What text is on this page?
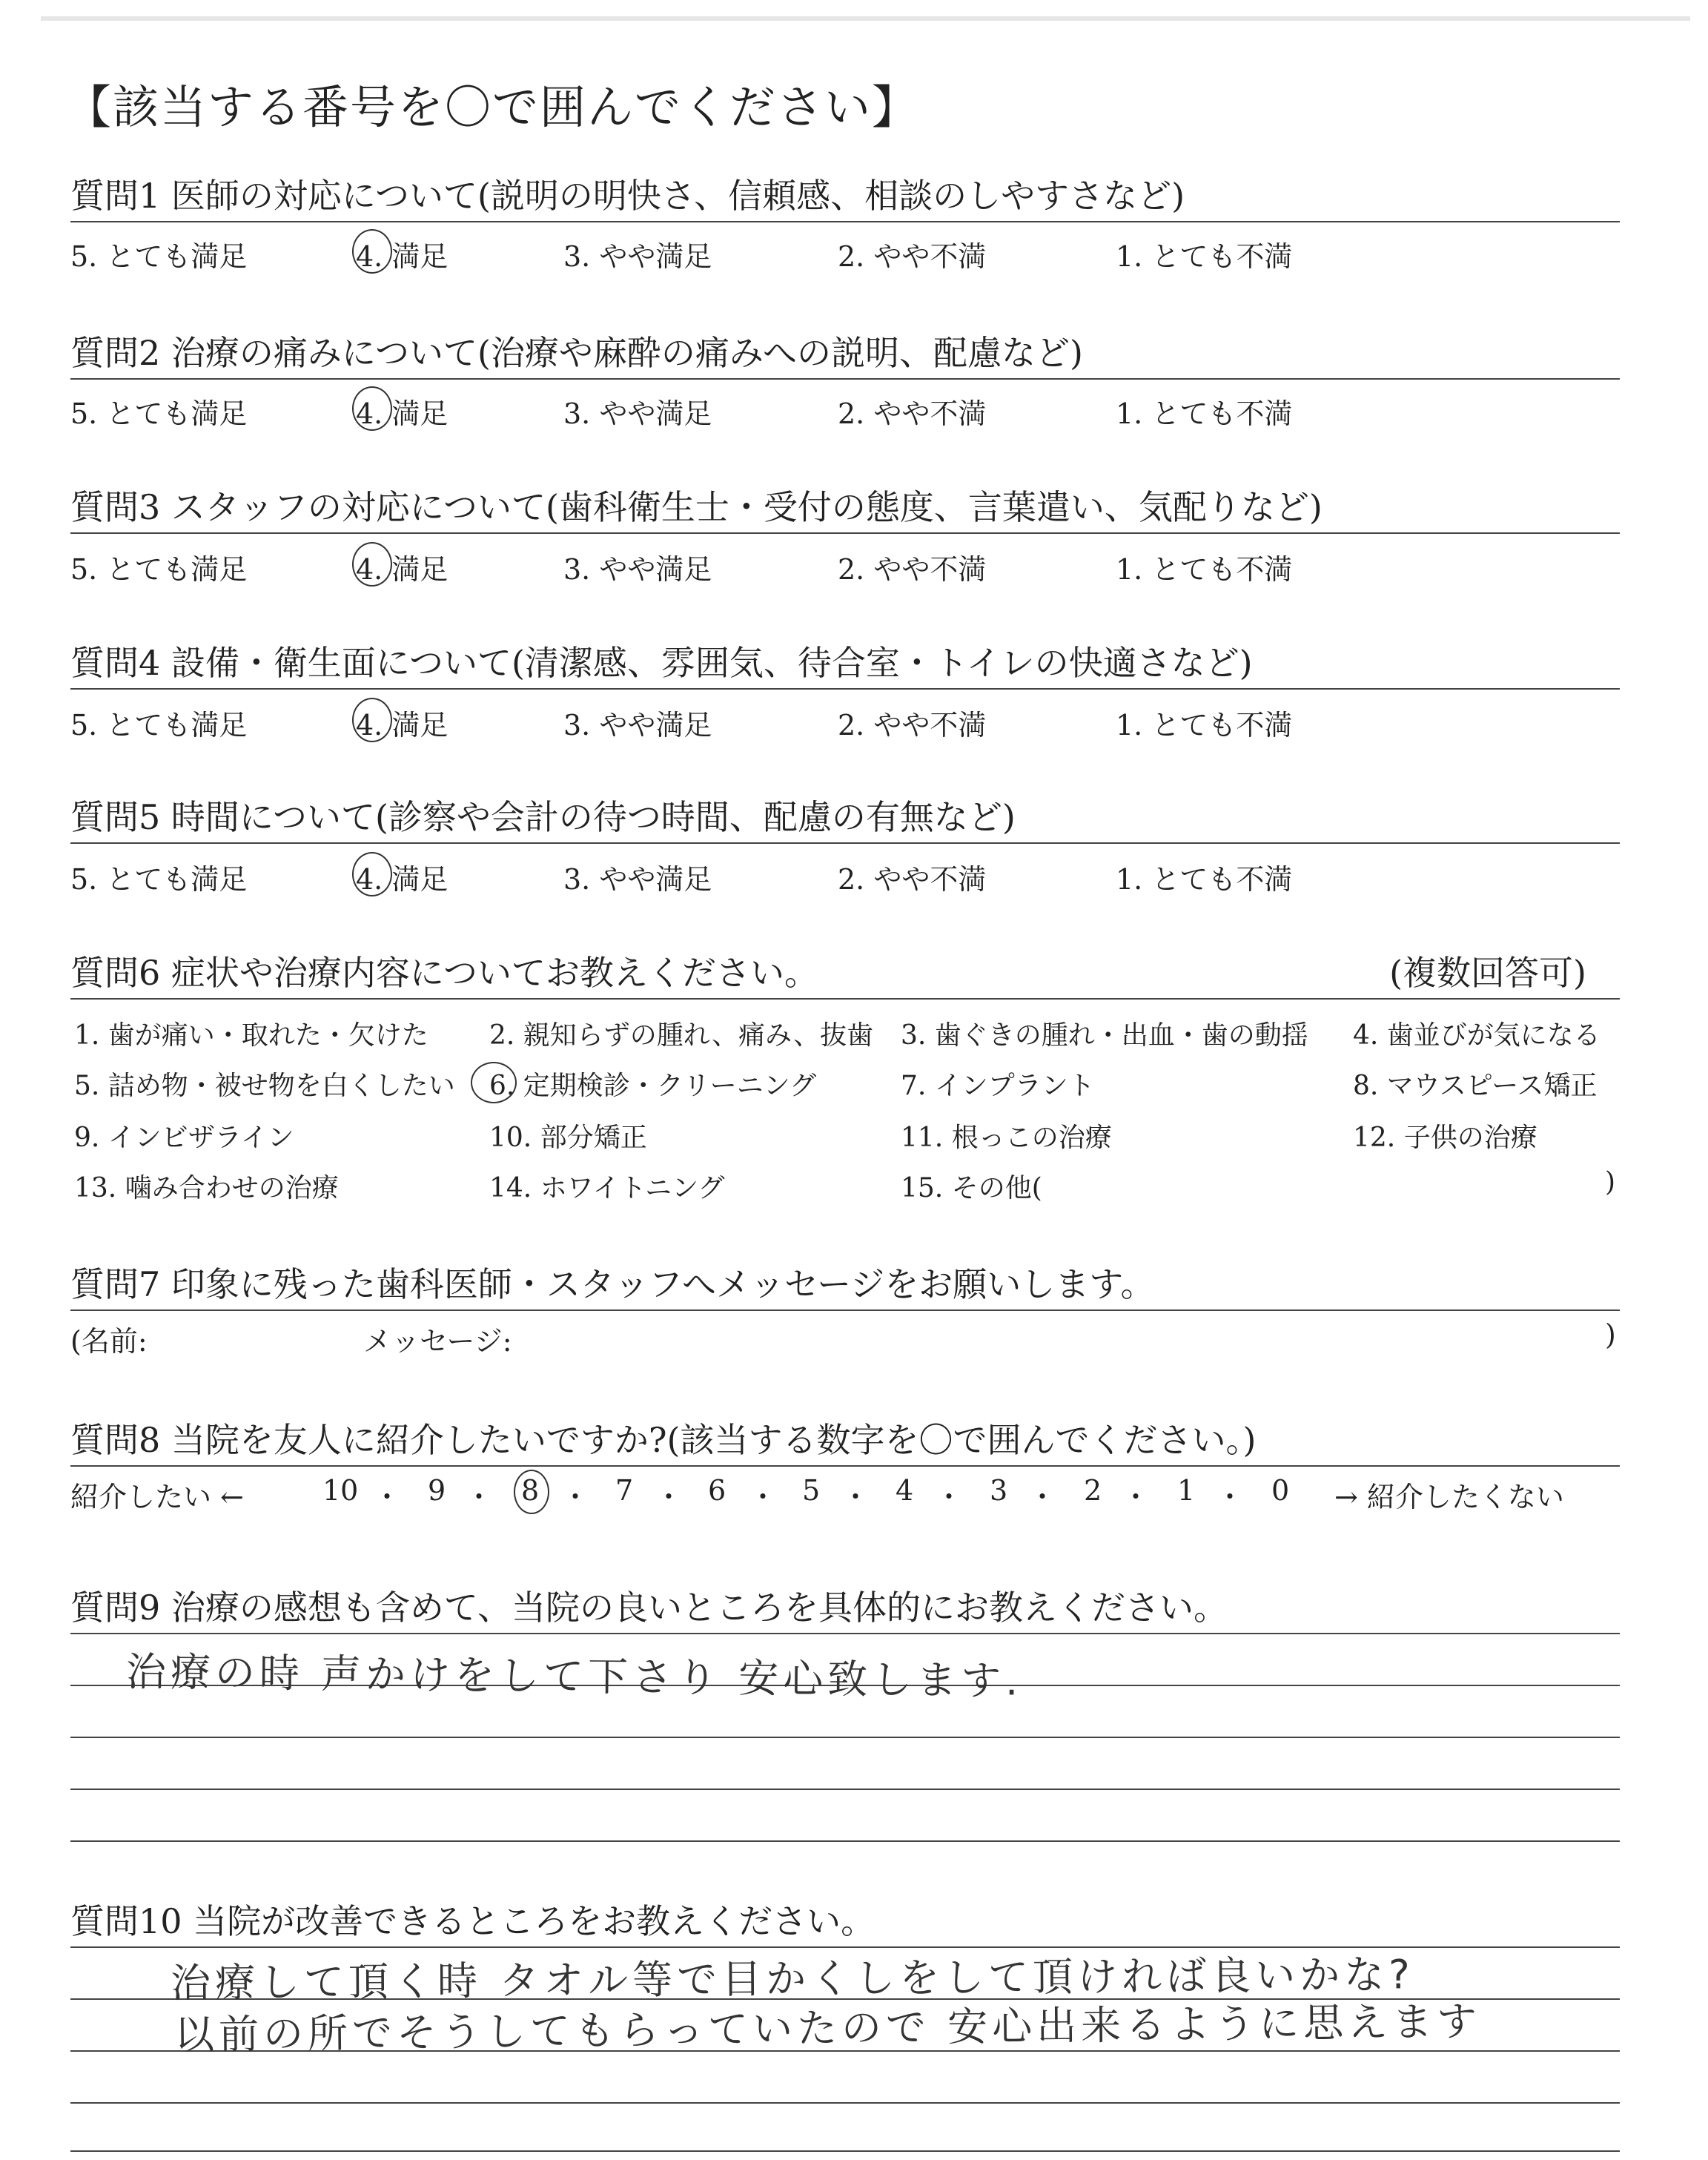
【該当する番号を〇で囲んでください】
質問1 医師の対応について(説明の明快さ、信頼感、相談のしやすさなど)
5. とても満足	4. 満足	3. やや満足	2. やや不満	1. とても不満
質問2 治療の痛みについて(治療や麻酔の痛みへの説明、配慮など)
5. とても満足	4. 満足	3. やや満足	2. やや不満	1. とても不満
質問3 スタッフの対応について(歯科衛生士・受付の態度、言葉遣い、気配りなど)
5. とても満足	4. 満足	3. やや満足	2. やや不満	1. とても不満
質問4 設備・衛生面について(清潔感、雰囲気、待合室・トイレの快適さなど)
5. とても満足	4. 満足	3. やや満足	2. やや不満	1. とても不満
質問5 時間について(診察や会計の待つ時間、配慮の有無など)
5. とても満足	4. 満足	3. やや満足	2. やや不満	1. とても不満
質問6 症状や治療内容についてお教えください。	(複数回答可)
1. 歯が痛い・取れた・欠けた 2. 親知らずの腫れ、痛み、抜歯 3. 歯ぐきの腫れ・出血・歯の動揺 4. 歯並びが気になる
5. 詰め物・被せ物を白くしたい 6. 定期検診・クリーニング	7. インプラント	8. マウスピース矯正
9. インビザライン	10. 部分矯正	11. 根っこの治療	12. 子供の治療
13. 噛み合わせの治療	14. ホワイトニング	15. その他(	)
質問7 印象に残った歯科医師・スタッフへメッセージをお願いします。
(名前:	メッセージ:	)
質問8 当院を友人に紹介したいですか?(該当する数字を〇で囲んでください。)
紹介したい ←	10 ・ 9 ・ 8 ・ 7 ・ 6 ・ 5 ・ 4 ・ 3 ・ 2 ・ 1 ・ 0 → 紹介したくない
質問9 治療の感想も含めて、当院の良いところを具体的にお教えください。
治療の時 声かけをして下さり 安心致します.
質問10 当院が改善できるところをお教えください。
治療して頂く時 タオル等で目かくしをして頂ければ良いかな?
以前の所でそうしてもらっていたので 安心出来るように思えます
